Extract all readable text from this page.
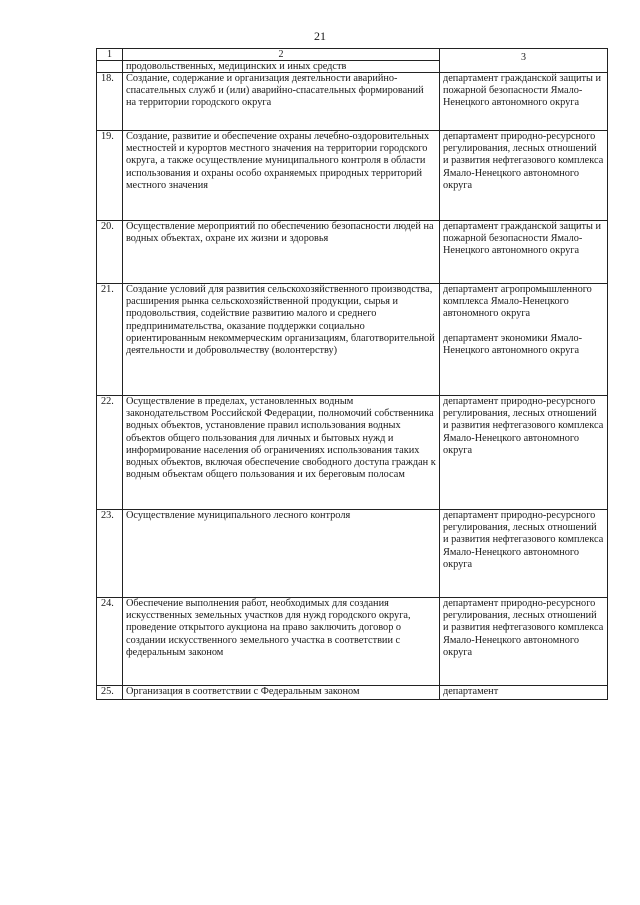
21
1	2	3
	продовольственных, медицинских и иных средств	
18.	Создание, содержание и организация деятельности аварийно-спасательных служб и (или) аварийно-спасательных формирований на территории городского округа	департамент гражданской защиты и пожарной безопасности Ямало-Ненецкого автономного округа
19.	Создание, развитие и обеспечение охраны лечебно-оздоровительных местностей и курортов местного значения на территории городского округа, а также осуществление муниципального контроля в области использования и охраны особо охраняемых природных территорий местного значения	департамент природно-ресурсного регулирования, лесных отношений и развития нефтегазового комплекса Ямало-Ненецкого автономного округа
20.	Осуществление мероприятий по обеспечению безопасности людей на водных объектах, охране их жизни и здоровья	департамент гражданской защиты и пожарной безопасности Ямало-Ненецкого автономного округа
21.	Создание условий для развития сельскохозяйственного производства, расширения рынка сельскохозяйственной продукции, сырья и продовольствия, содействие развитию малого и среднего предпринимательства, оказание поддержки социально ориентированным некоммерческим организациям, благотворительной деятельности и добровольчеству (волонтерству)	департамент агропромышленного комплекса Ямало-Ненецкого автономного округа
департамент экономики Ямало-Ненецкого автономного округа
22.	Осуществление в пределах, установленных водным законодательством Российской Федерации, полномочий собственника водных объектов, установление правил использования водных объектов общего пользования для личных и бытовых нужд и информирование населения об ограничениях использования таких водных объектов, включая обеспечение свободного доступа граждан к водным объектам общего пользования и их береговым полосам	департамент природно-ресурсного регулирования, лесных отношений и развития нефтегазового комплекса Ямало-Ненецкого автономного округа
23.	Осуществление муниципального лесного контроля	департамент природно-ресурсного регулирования, лесных отношений и развития нефтегазового комплекса Ямало-Ненецкого автономного округа
24.	Обеспечение выполнения работ, необходимых для создания искусственных земельных участков для нужд городского округа, проведение открытого аукциона на право заключить договор о создании искусственного земельного участка в соответствии с федеральным законом	департамент природно-ресурсного регулирования, лесных отношений и развития нефтегазового комплекса Ямало-Ненецкого автономного округа
25.	Организация в соответствии с Федеральным законом	департамент
